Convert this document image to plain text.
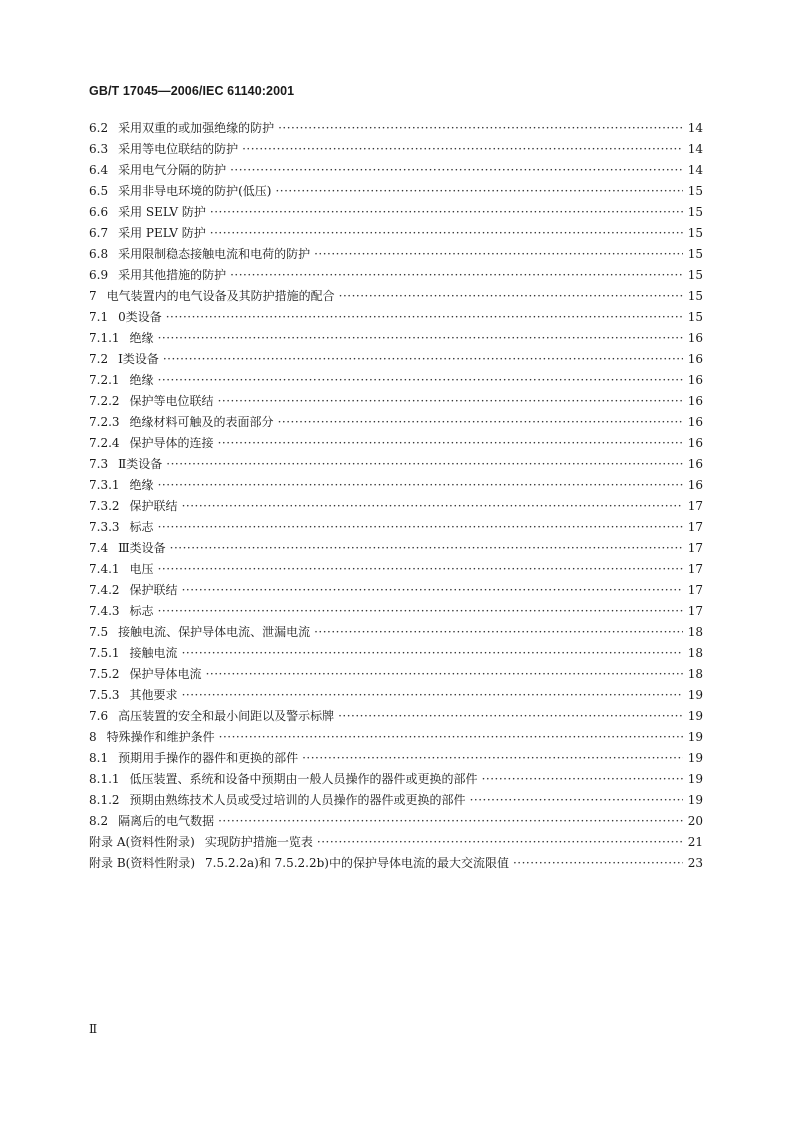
GB/T 17045—2006/IEC 61140:2001
6.2 采用双重的或加强绝缘的防护 ·····	14
6.3 采用等电位联结的防护 ·····	14
6.4 采用电气分隔的防护 ·····	14
6.5 采用非导电环境的防护(低压) ·····	15
6.6 采用 SELV 防护 ·····	15
6.7 采用 PELV 防护 ·····	15
6.8 采用限制稳态接触电流和电荷的防护 ·····	15
6.9 采用其他措施的防护 ·····	15
7 电气装置内的电气设备及其防护措施的配合 ·····	15
7.1 0类设备 ·····	15
7.1.1 绝缘 ·····	16
7.2 Ⅰ类设备 ·····	16
7.2.1 绝缘 ·····	16
7.2.2 保护等电位联结 ·····	16
7.2.3 绝缘材料可触及的表面部分 ·····	16
7.2.4 保护导体的连接 ·····	16
7.3 Ⅱ类设备 ·····	16
7.3.1 绝缘 ·····	16
7.3.2 保护联结 ·····	17
7.3.3 标志 ·····	17
7.4 Ⅲ类设备 ·····	17
7.4.1 电压 ·····	17
7.4.2 保护联结 ·····	17
7.4.3 标志 ·····	17
7.5 接触电流、保护导体电流、泄漏电流 ·····	18
7.5.1 接触电流 ·····	18
7.5.2 保护导体电流 ·····	18
7.5.3 其他要求 ·····	19
7.6 高压装置的安全和最小间距以及警示标牌 ·····	19
8 特殊操作和维护条件 ·····	19
8.1 预期用手操作的器件和更换的部件 ·····	19
8.1.1 低压装置、系统和设备中预期由一般人员操作的器件或更换的部件 ·····	19
8.1.2 预期由熟练技术人员或受过培训的人员操作的器件或更换的部件 ·····	19
8.2 隔离后的电气数据 ·····	20
附录 A(资料性附录) 实现防护措施一览表 ·····	21
附录 B(资料性附录) 7.5.2.2a)和 7.5.2.2b)中的保护导体电流的最大交流限值 ·····	23
Ⅱ
